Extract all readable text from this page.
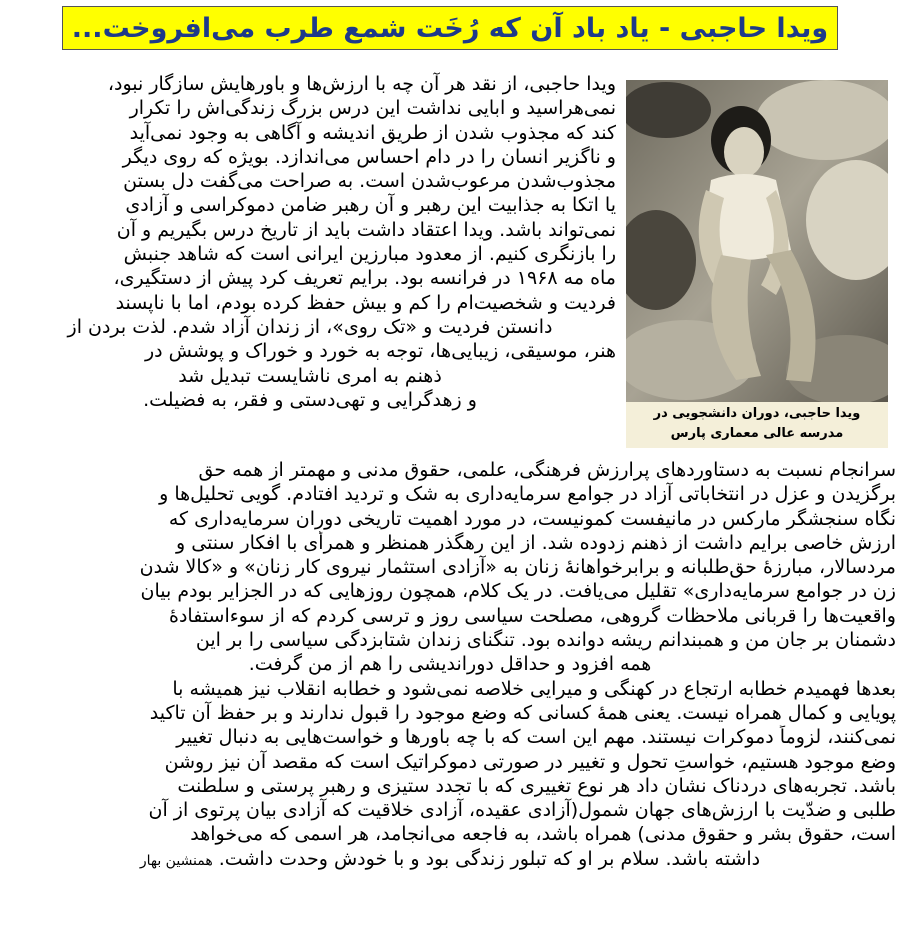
ویدا حاجبی - یاد باد آن که رُخَت شمع طرب می‌افروخت...
ویدا حاجبی، دوران دانشجویی در
مدرسه عالی معماری پارس
ویدا حاجبی، از نقد هر آن چه با ارزش‌ها و باورهایش سازگار نبود،
نمی‌هراسید و ابایی نداشت این درس بزرگ زندگی‌اش را تکرار
کند که مجذوب شدن از طریق اندیشه و آگاهی به وجود نمی‌آید
و ناگزیر انسان را در دام احساس می‌اندازد. بویژه که روی دیگر
مجذوب‌شدن مرعوب‌شدن است. به صراحت می‌گفت دل بستن
یا اتکا به جذابیت این رهبر و آن رهبر ضامن دموکراسی و آزادی
نمی‌تواند باشد. ویدا اعتقاد داشت باید از تاریخ درس بگیریم و آن
را بازنگری کنیم. از معدود مبارزین ایرانی است که شاهد جنبش
ماه مه ۱۹۶۸ در فرانسه بود. برایم تعریف کرد پیش از دستگیری،
فردیت و شخصیت‌ام را کم و بیش حفظ کرده بودم، اما با ناپسند
دانستن فردیت و «تک روی»، از زندان آزاد شدم. لذت بردن از
هنر، موسیقی، زیبایی‌ها، توجه به خورد و خوراک و پوشش در
ذهنم به امری ناشایست تبدیل شد
و زهدگرایی و تهی‌دستی و فقر، به فضیلت.
سرانجام نسبت به دستاوردهای پرارزش فرهنگی، علمی، حقوق مدنی و مهمتر از همه حق
برگزیدن و عزل در انتخاباتی آزاد در جوامع سرمایه‌داری به شک و تردید افتادم. گویی تحلیل‌ها و
نگاه سنجشگر مارکس در مانیفست کمونیست، در مورد اهمیت تاریخی دوران سرمایه‌داری که
ارزش خاصی برایم داشت از ذهنم زدوده شد. از این رهگذر همنظر و همرأی با افکار سنتی و
مردسالار، مبارزهٔ حق‌طلبانه و برابرخواهانهٔ زنان به «آزادی استثمار نیروی کار زنان» و «کالا شدن
زن در جوامع سرمایه‌داری» تقلیل می‌یافت. در یک کلام، همچون روزهایی که در الجزایر بودم بیان
واقعیت‌ها را قربانی ملاحظات گروهی، مصلحت سیاسی روز و ترسی کردم که از سوءاستفادهٔ
دشمنان بر جان من و همبندانم ریشه دوانده بود. تنگنای زندان شتابزدگی سیاسی را بر این
همه افزود و حداقل دوراندیشی را هم از من گرفت.
بعدها فهمیدم خطابه ارتجاع در کهنگی و میرایی خلاصه نمی‌شود و خطابه انقلاب نیز همیشه با
پویایی و کمال همراه نیست. یعنی همهٔ کسانی که وضع موجود را قبول ندارند و بر حفظ آن تاکید
نمی‌کنند، لزوماً دموکرات نیستند. مهم این است که با چه باورها و خواست‌هایی به دنبال تغییر
وضع موجود هستیم، خواستِ تحول و تغییر در صورتی دموکراتیک است که مقصد آن نیز روشن
باشد. تجربه‌های دردناک نشان داد هر نوع تغییری که با تجدد ستیزی و رهبر پرستی و سلطنت
طلبی و ضدّیت با ارزش‌های جهان شمول(آزادی عقیده، آزادی خلاقیت که آزادی بیان پرتوی از آن
است، حقوق بشر و حقوق مدنی) همراه باشد، به فاجعه می‌انجامد، هر اسمی که می‌خواهد
داشته باشد. سلام بر او که تبلور زندگی بود و با خودش وحدت داشت.همنشین بهار
